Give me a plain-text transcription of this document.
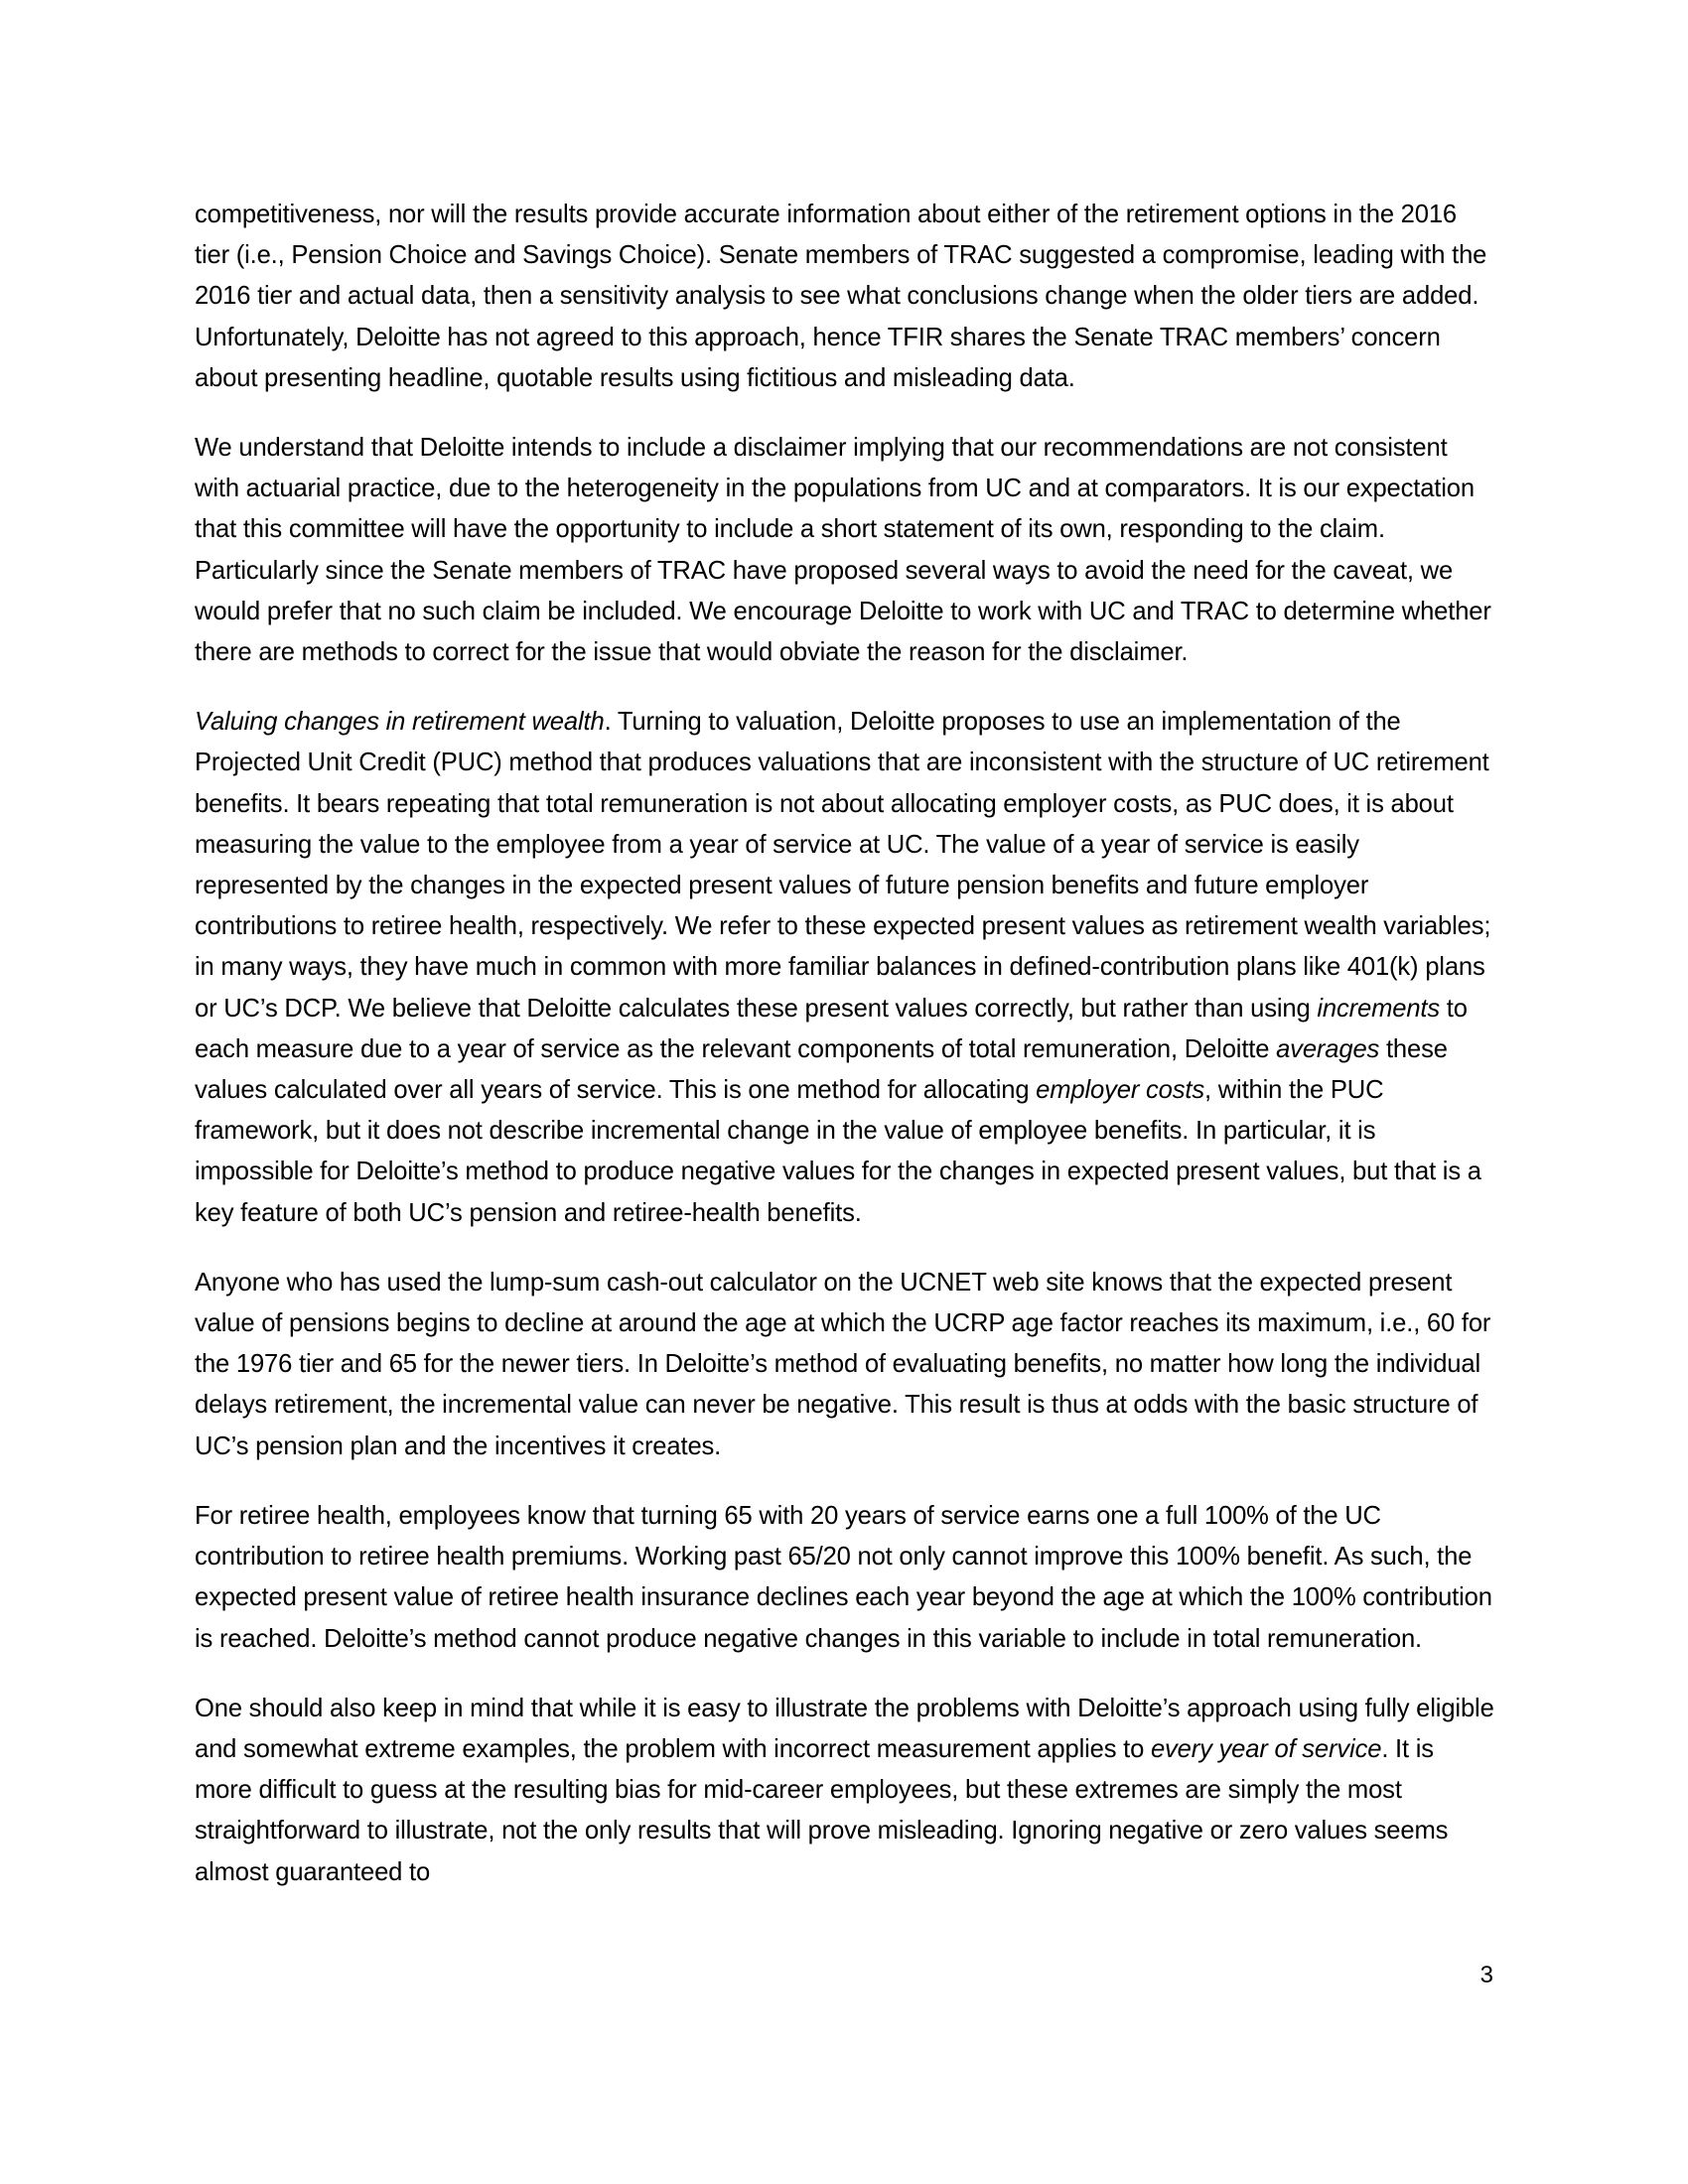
competitiveness, nor will the results provide accurate information about either of the retirement options in the 2016 tier (i.e., Pension Choice and Savings Choice). Senate members of TRAC suggested a compromise, leading with the 2016 tier and actual data, then a sensitivity analysis to see what conclusions change when the older tiers are added. Unfortunately, Deloitte has not agreed to this approach, hence TFIR shares the Senate TRAC members’ concern about presenting headline, quotable results using fictitious and misleading data.

We understand that Deloitte intends to include a disclaimer implying that our recommendations are not consistent with actuarial practice, due to the heterogeneity in the populations from UC and at comparators. It is our expectation that this committee will have the opportunity to include a short statement of its own, responding to the claim. Particularly since the Senate members of TRAC have proposed several ways to avoid the need for the caveat, we would prefer that no such claim be included. We encourage Deloitte to work with UC and TRAC to determine whether there are methods to correct for the issue that would obviate the reason for the disclaimer.

Valuing changes in retirement wealth. Turning to valuation, Deloitte proposes to use an implementation of the Projected Unit Credit (PUC) method that produces valuations that are inconsistent with the structure of UC retirement benefits. It bears repeating that total remuneration is not about allocating employer costs, as PUC does, it is about measuring the value to the employee from a year of service at UC. The value of a year of service is easily represented by the changes in the expected present values of future pension benefits and future employer contributions to retiree health, respectively. We refer to these expected present values as retirement wealth variables; in many ways, they have much in common with more familiar balances in defined-contribution plans like 401(k) plans or UC’s DCP. We believe that Deloitte calculates these present values correctly, but rather than using increments to each measure due to a year of service as the relevant components of total remuneration, Deloitte averages these values calculated over all years of service. This is one method for allocating employer costs, within the PUC framework, but it does not describe incremental change in the value of employee benefits. In particular, it is impossible for Deloitte’s method to produce negative values for the changes in expected present values, but that is a key feature of both UC’s pension and retiree-health benefits.

Anyone who has used the lump-sum cash-out calculator on the UCNET web site knows that the expected present value of pensions begins to decline at around the age at which the UCRP age factor reaches its maximum, i.e., 60 for the 1976 tier and 65 for the newer tiers. In Deloitte’s method of evaluating benefits, no matter how long the individual delays retirement, the incremental value can never be negative. This result is thus at odds with the basic structure of UC’s pension plan and the incentives it creates.

For retiree health, employees know that turning 65 with 20 years of service earns one a full 100% of the UC contribution to retiree health premiums. Working past 65/20 not only cannot improve this 100% benefit. As such, the expected present value of retiree health insurance declines each year beyond the age at which the 100% contribution is reached. Deloitte’s method cannot produce negative changes in this variable to include in total remuneration.

One should also keep in mind that while it is easy to illustrate the problems with Deloitte’s approach using fully eligible and somewhat extreme examples, the problem with incorrect measurement applies to every year of service. It is more difficult to guess at the resulting bias for mid-career employees, but these extremes are simply the most straightforward to illustrate, not the only results that will prove misleading. Ignoring negative or zero values seems almost guaranteed to

3
